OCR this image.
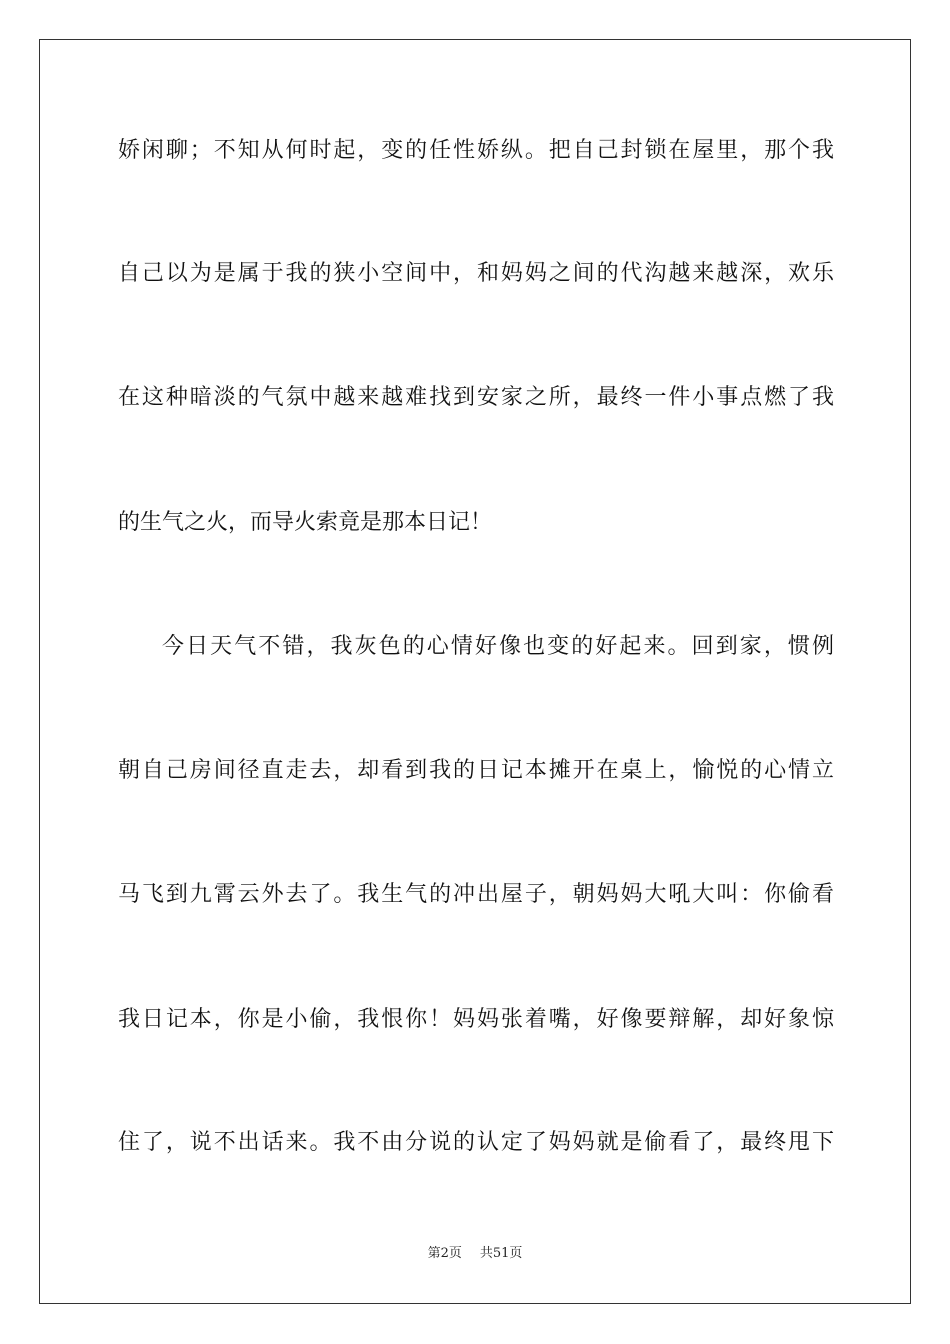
娇闲聊；不知从何时起，变的任性娇纵。把自己封锁在屋里，那个我
自己以为是属于我的狭小空间中，和妈妈之间的代沟越来越深，欢乐
在这种暗淡的气氛中越来越难找到安家之所，最终一件小事点燃了我
的生气之火，而导火索竟是那本日记！
今日天气不错，我灰色的心情好像也变的好起来。回到家，惯例
朝自己房间径直走去，却看到我的日记本摊开在桌上，愉悦的心情立
马飞到九霄云外去了。我生气的冲出屋子，朝妈妈大吼大叫：你偷看
我日记本，你是小偷，我恨你！妈妈张着嘴，好像要辩解，却好象惊
住了，说不出话来。我不由分说的认定了妈妈就是偷看了，最终甩下
第2页 共51页
